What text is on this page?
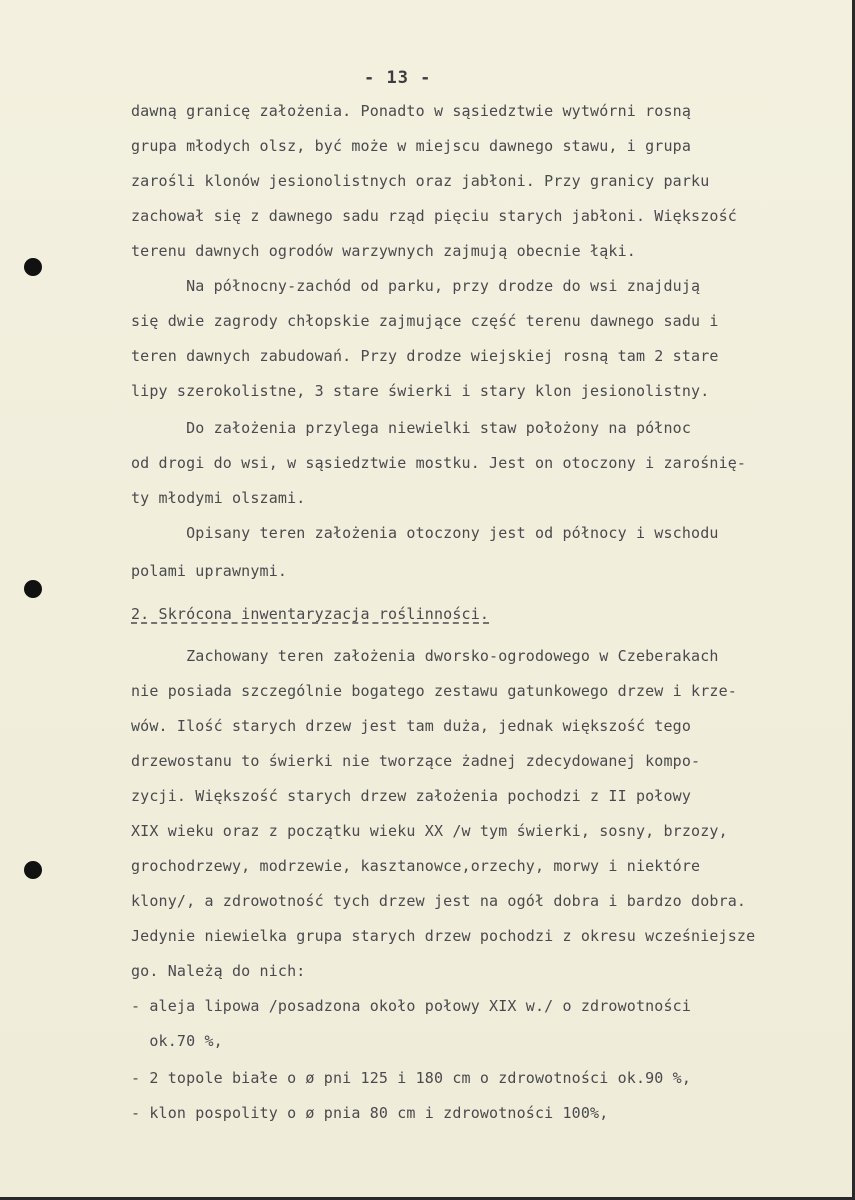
- 13 -
dawną granicę założenia. Ponadto w sąsiedztwie wytwórni rosną
grupa młodych olsz, być może w miejscu dawnego stawu, i grupa
zarośli klonów jesionolistnych oraz jabłoni. Przy granicy parku
zachował się z dawnego sadu rząd pięciu starych jabłoni. Większość
terenu dawnych ogrodów warzywnych zajmują obecnie łąki.
Na północny-zachód od parku, przy drodze do wsi znajdują
się dwie zagrody chłopskie zajmujące część terenu dawnego sadu i
teren dawnych zabudowań. Przy drodze wiejskiej rosną tam 2 stare
lipy szerokolistne, 3 stare świerki i stary klon jesionolistny.
Do założenia przylega niewielki staw położony na północ
od drogi do wsi, w sąsiedztwie mostku. Jest on otoczony i zarośnię-
ty młodymi olszami.
Opisany teren założenia otoczony jest od północy i wschodu
polami uprawnymi.
2. Skrócona inwentaryzacja roślinności.
Zachowany teren założenia dworsko-ogrodowego w Czeberakach
nie posiada szczególnie bogatego zestawu gatunkowego drzew i krze-
wów. Ilość starych drzew jest tam duża, jednak większość tego
drzewostanu to świerki nie tworzące żadnej zdecydowanej kompo-
zycji. Większość starych drzew założenia pochodzi z II połowy
XIX wieku oraz z początku wieku XX /w tym świerki, sosny, brzozy,
grochodrzewy, modrzewie, kasztanowce,orzechy, morwy i niektóre
klony/, a zdrowotność tych drzew jest na ogół dobra i bardzo dobra.
Jedynie niewielka grupa starych drzew pochodzi z okresu wcześniejsze
go. Należą do nich:
- aleja lipowa /posadzona około połowy XIX w./ o zdrowotności
ok.70 %,
- 2 topole białe o ø pni 125 i 180 cm o zdrowotności ok.90 %,
- klon pospolity o ø pnia 80 cm i zdrowotności 100%,
